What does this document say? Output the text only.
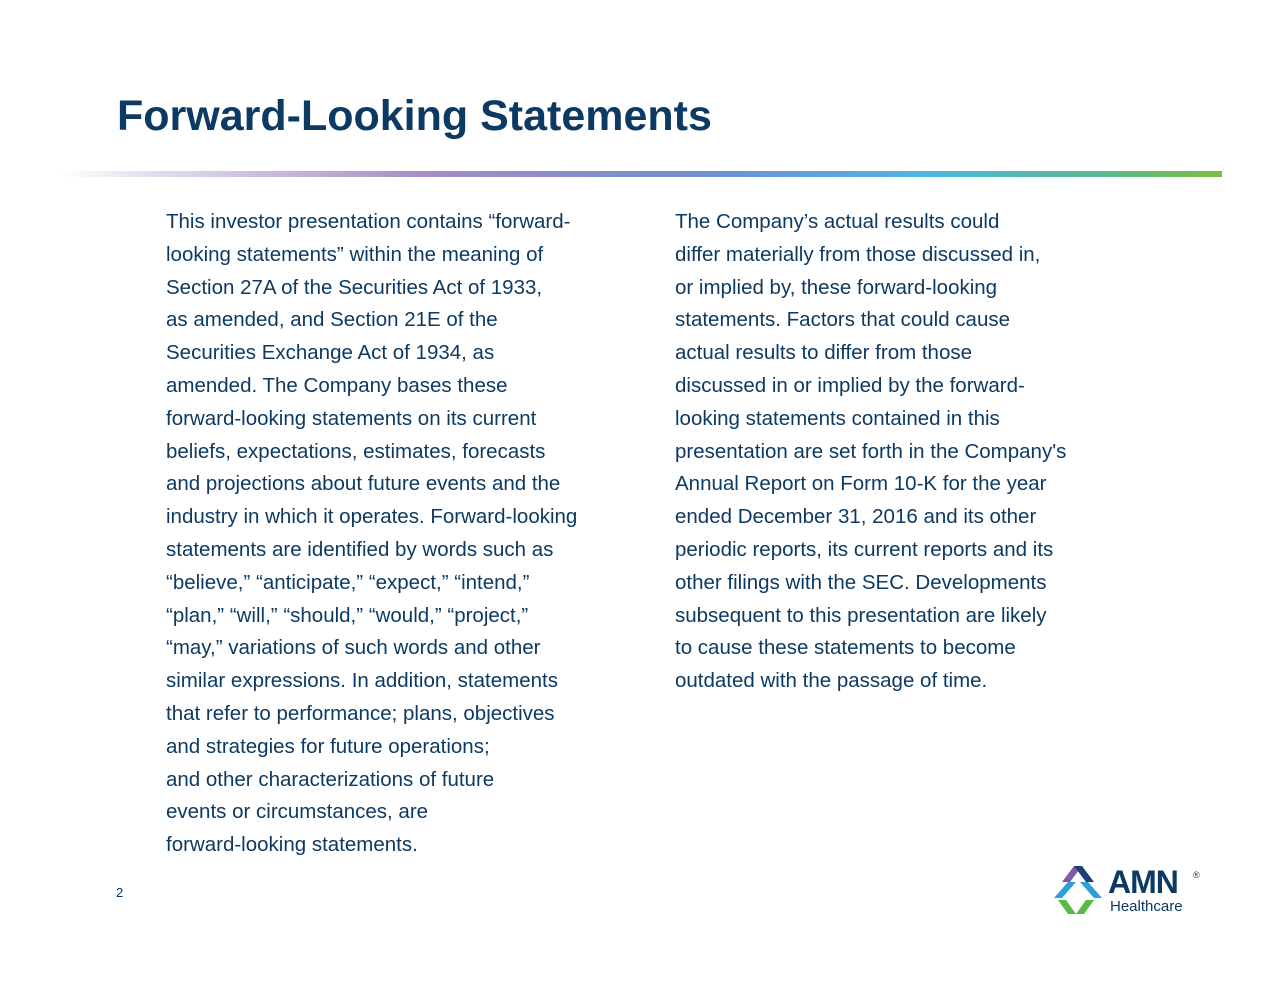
Forward-Looking Statements
This investor presentation contains “forward-
looking statements” within the meaning of
Section 27A of the Securities Act of 1933,
as amended, and Section 21E of the
Securities Exchange Act of 1934, as
amended. The Company bases these
forward-looking statements on its current
beliefs, expectations, estimates, forecasts
and projections about future events and the
industry in which it operates. Forward-looking
statements are identified by words such as
“believe,” “anticipate,” “expect,” “intend,”
“plan,” “will,” “should,” “would,” “project,”
“may,” variations of such words and other
similar expressions. In addition, statements
that refer to performance; plans, objectives
and strategies for future operations;
and other characterizations of future
events or circumstances, are
forward-looking statements.
The Company’s actual results could
differ materially from those discussed in,
or implied by, these forward-looking
statements. Factors that could cause
actual results to differ from those
discussed in or implied by the forward-
looking statements contained in this
presentation are set forth in the Company's
Annual Report on Form 10-K for the year
ended December 31, 2016 and its other
periodic reports, its current reports and its
other filings with the SEC. Developments
subsequent to this presentation are likely
to cause these statements to become
outdated with the passage of time.
2	AMN ®
Healthcare
